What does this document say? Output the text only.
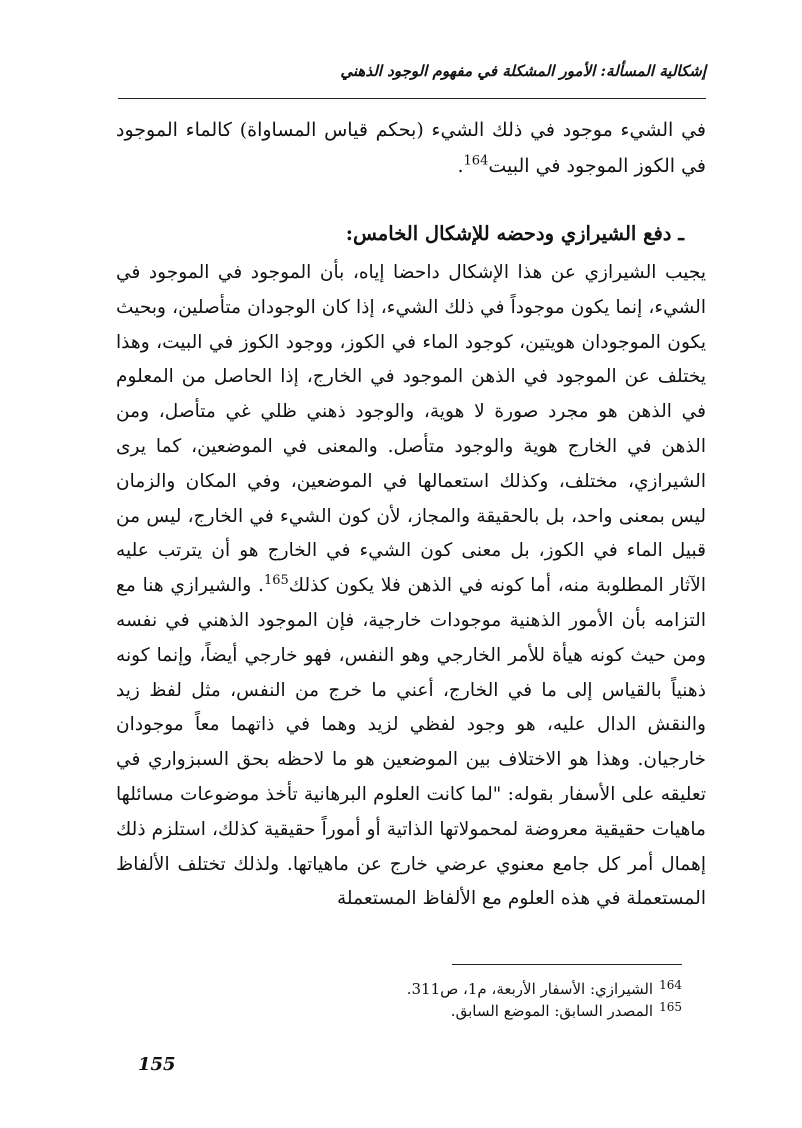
إشكالية المسألة: الأمور المشكلة في مفهوم الوجود الذهني
في الشيء موجود في ذلك الشيء (بحكم قياس المساواة) كالماء الموجود في الكوز الموجود في البيت$^{164}$.
ـ دفع الشيرازي ودحضه للإشكال الخامس:
يجيب الشيرازي عن هذا الإشكال داحضا إياه، بأن الموجود في الموجود في الشيء، إنما يكون موجوداً في ذلك الشيء، إذا كان الوجودان متأصلين، وبحيث يكون الموجودان هويتين، كوجود الماء في الكوز، ووجود الكوز في البيت، وهذا يختلف عن الموجود في الذهن الموجود في الخارج، إذا الحاصل من المعلوم في الذهن هو مجرد صورة لا هوية، والوجود ذهني ظلي غي متأصل، ومن الذهن في الخارج هوية والوجود متأصل. والمعنى في الموضعين، كما يرى الشيرازي، مختلف، وكذلك استعمالها في الموضعين، وفي المكان والزمان ليس بمعنى واحد، بل بالحقيقة والمجاز، لأن كون الشيء في الخارج، ليس من قبيل الماء في الكوز، بل معنى كون الشيء في الخارج هو أن يترتب عليه الآثار المطلوبة منه، أما كونه في الذهن فلا يكون كذلك$^{165}$. والشيرازي هنا مع التزامه بأن الأمور الذهنية موجودات خارجية، فإن الموجود الذهني في نفسه ومن حيث كونه هيأة للأمر الخارجي وهو النفس، فهو خارجي أيضاً، وإنما كونه ذهنياً بالقياس إلى ما في الخارج، أعني ما خرج من النفس، مثل لفظ زيد والنقش الدال عليه، هو وجود لفظي لزيد وهما في ذاتهما معاً موجودان خارجيان. وهذا هو الاختلاف بين الموضعين هو ما لاحظه بحق السبزواري في تعليقه على الأسفار بقوله: "لما كانت العلوم البرهانية تأخذ موضوعات مسائلها ماهيات حقيقية معروضة لمحمولاتها الذاتية أو أموراً حقيقية كذلك، استلزم ذلك إهمال أمر كل جامع معنوي عرضي خارج عن ماهياتها. ولذلك تختلف الألفاظ المستعملة في هذه العلوم مع الألفاظ المستعملة
164
الشيرازي: الأسفار الأربعة، م1، ص311.
165
المصدر السابق: الموضع السابق.
155
